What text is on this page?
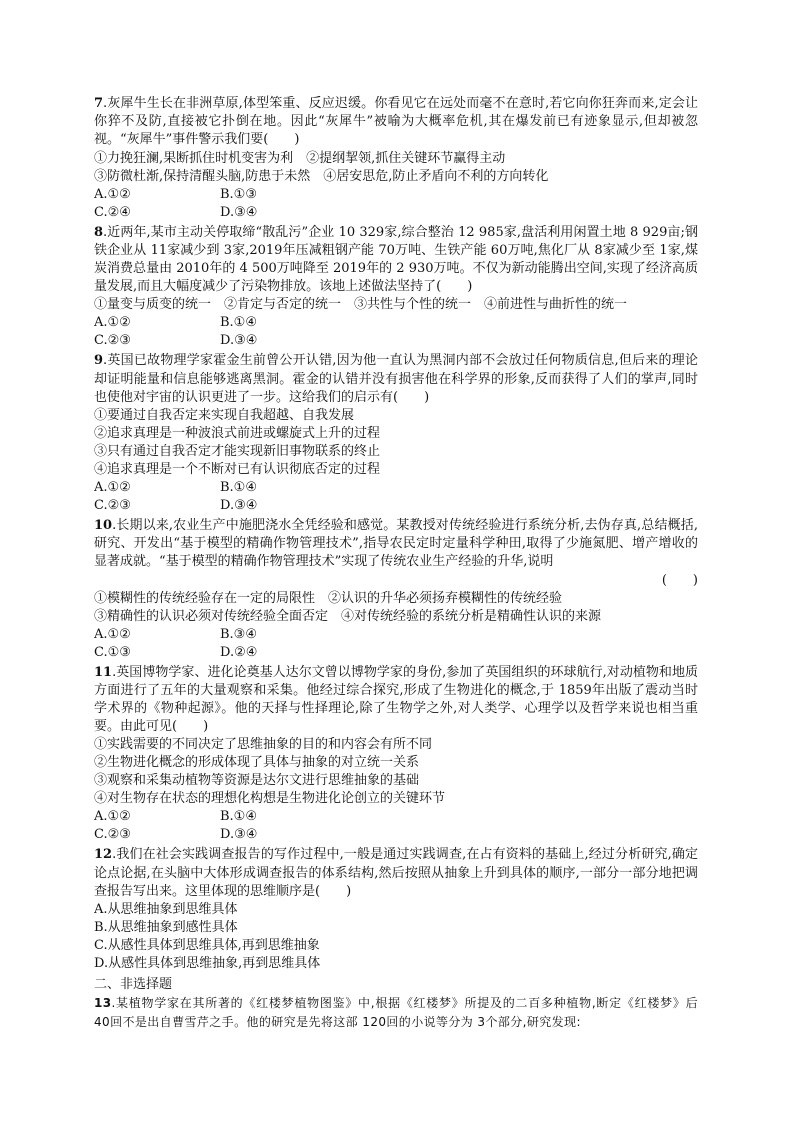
7.灰犀牛生长在非洲草原,体型笨重、反应迟缓。你看见它在远处而毫不在意时,若它向你狂奔而来,定会让你猝不及防,直接被它扑倒在地。因此“灰犀牛”被喻为大概率危机,其在爆发前已有迹象显示,但却被忽视。“灰犀牛”事件警示我们要(　　)
①力挽狂澜,果断抓住时机变害为利　②提纲挈领,抓住关键环节赢得主动
③防微杜渐,保持清醒头脑,防患于未然　④居安思危,防止矛盾向不利的方向转化
A.①②	B.①③
C.②④	D.③④
8.近两年,某市主动关停取缔“散乱污”企业 10 329家,综合整治 12 985家,盘活利用闲置土地 8 929亩;钢铁企业从 11家减少到 3家,2019年压减粗钢产能 70万吨、生铁产能 60万吨,焦化厂从 8家减少至 1家,煤炭消费总量由 2010年的 4 500万吨降至 2019年的 2 930万吨。不仅为新动能腾出空间,实现了经济高质量发展,而且大幅度减少了污染物排放。该地上述做法坚持了(　　)
①量变与质变的统一　②肯定与否定的统一　③共性与个性的统一　④前进性与曲折性的统一
A.①②	B.①④
C.②③	D.③④
9.英国已故物理学家霍金生前曾公开认错,因为他一直认为黑洞内部不会放过任何物质信息,但后来的理论却证明能量和信息能够逃离黑洞。霍金的认错并没有损害他在科学界的形象,反而获得了人们的掌声,同时也使他对宇宙的认识更进了一步。这给我们的启示有(　　)
①要通过自我否定来实现自我超越、自我发展
②追求真理是一种波浪式前进或螺旋式上升的过程
③只有通过自我否定才能实现新旧事物联系的终止
④追求真理是一个不断对已有认识彻底否定的过程
A.①②	B.①④
C.②③	D.③④
10.长期以来,农业生产中施肥浇水全凭经验和感觉。某教授对传统经验进行系统分析,去伪存真,总结概括,研究、开发出“基于模型的精确作物管理技术”,指导农民定时定量科学种田,取得了少施氮肥、增产增收的显著成就。“基于模型的精确作物管理技术”实现了传统农业生产经验的升华,说明
(　　)
①模糊性的传统经验存在一定的局限性　②认识的升华必须扬弃模糊性的传统经验
③精确性的认识必须对传统经验全面否定　④对传统经验的系统分析是精确性认识的来源
A.①②	B.③④
C.①③	D.②④
11.英国博物学家、进化论奠基人达尔文曾以博物学家的身份,参加了英国组织的环球航行,对动植物和地质方面进行了五年的大量观察和采集。他经过综合探究,形成了生物进化的概念,于 1859年出版了震动当时学术界的《物种起源》。他的天择与性择理论,除了生物学之外,对人类学、心理学以及哲学来说也相当重要。由此可见(　　)
①实践需要的不同决定了思维抽象的目的和内容会有所不同
②生物进化概念的形成体现了具体与抽象的对立统一关系
③观察和采集动植物等资源是达尔文进行思维抽象的基础
④对生物存在状态的理想化构想是生物进化论创立的关键环节
A.①②	B.①④
C.②③	D.③④
12.我们在社会实践调查报告的写作过程中,一般是通过实践调查,在占有资料的基础上,经过分析研究,确定论点论据,在头脑中大体形成调查报告的体系结构,然后按照从抽象上升到具体的顺序,一部分一部分地把调查报告写出来。这里体现的思维顺序是(　　)
A.从思维抽象到思维具体
B.从思维抽象到感性具体
C.从感性具体到思维具体,再到思维抽象
D.从感性具体到思维抽象,再到思维具体
二、非选择题
13.某植物学家在其所著的《红楼梦植物图鉴》中,根据《红楼梦》所提及的二百多种植物,断定《红楼梦》后 40回不是出自曹雪芹之手。他的研究是先将这部 120回的小说等分为 3个部分,研究发现:
